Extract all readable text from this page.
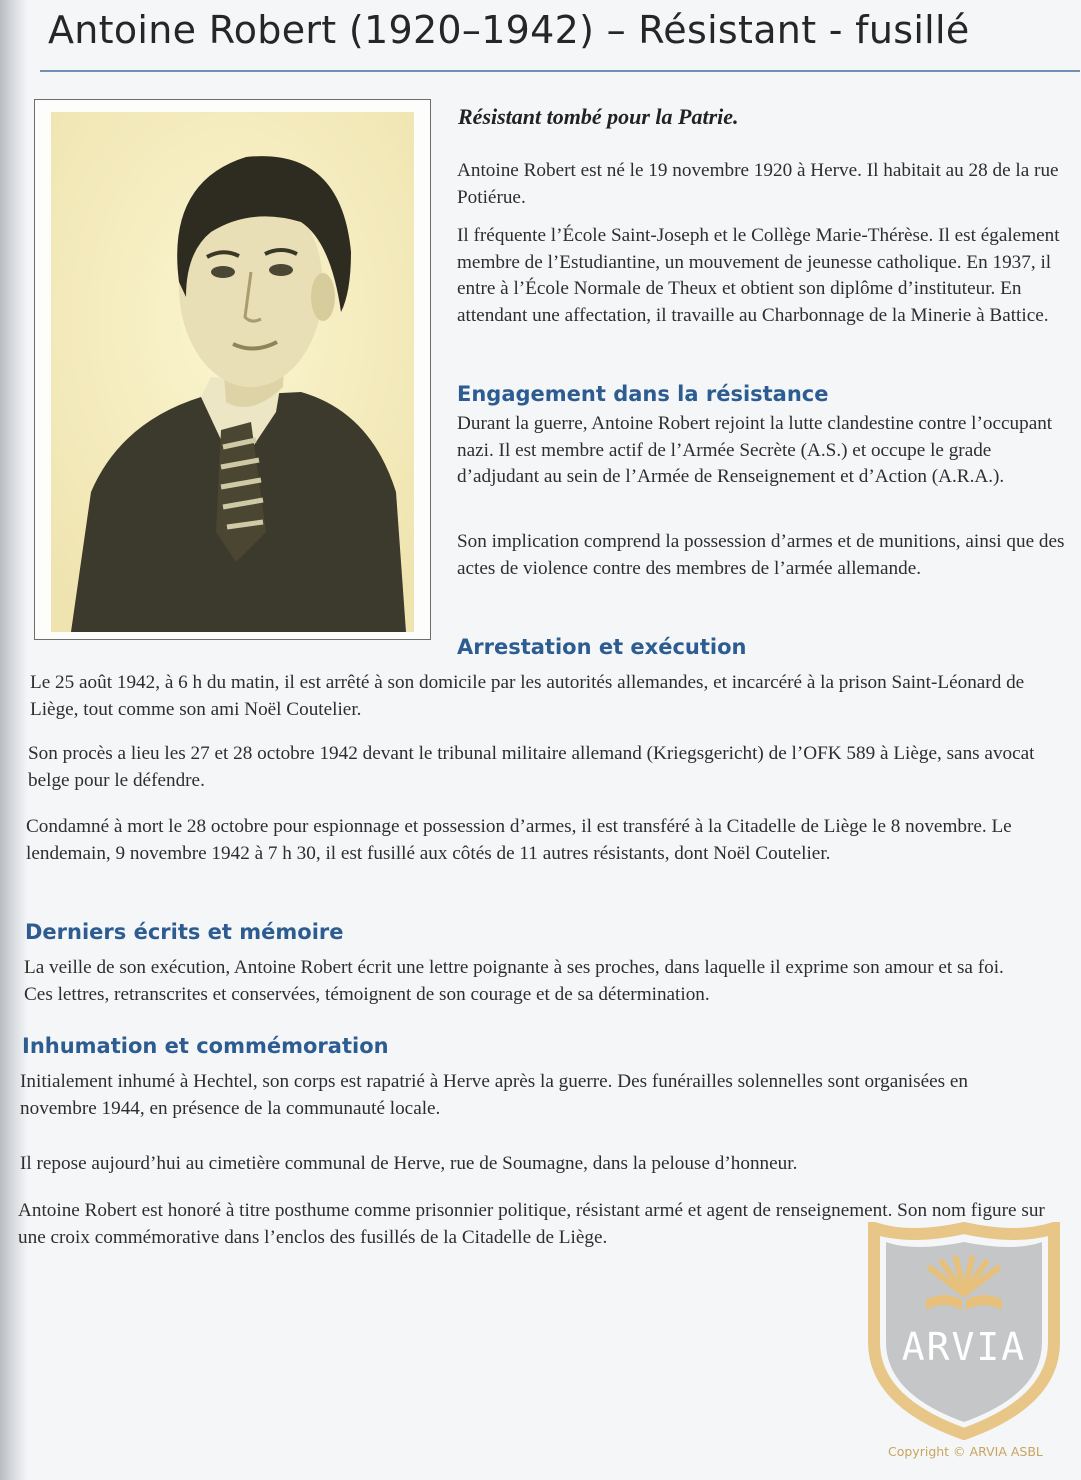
Antoine Robert (1920–1942) – Résistant - fusillé

Résistant tombé pour la Patrie.

Antoine Robert est né le 19 novembre 1920 à Herve. Il habitait au 28 de la rue Potiérue.

Il fréquente l’École Saint-Joseph et le Collège Marie-Thérèse. Il est également membre de l’Estudiantine, un mouvement de jeunesse catholique. En 1937, il entre à l’École Normale de Theux et obtient son diplôme d’instituteur. En attendant une affectation, il travaille au Charbonnage de la Minerie à Battice.

Engagement dans la résistance

Durant la guerre, Antoine Robert rejoint la lutte clandestine contre l’occupant nazi. Il est membre actif de l’Armée Secrète (A.S.) et occupe le grade d’adjudant au sein de l’Armée de Renseignement et d’Action (A.R.A.).

Son implication comprend la possession d’armes et de munitions, ainsi que des actes de violence contre des membres de l’armée allemande.

Arrestation et exécution

Le 25 août 1942, à 6 h du matin, il est arrêté à son domicile par les autorités allemandes, et incarcéré à la prison Saint-Léonard de Liège, tout comme son ami Noël Coutelier.

Son procès a lieu les 27 et 28 octobre 1942 devant le tribunal militaire allemand (Kriegsgericht) de l’OFK 589 à Liège, sans avocat belge pour le défendre.

Condamné à mort le 28 octobre pour espionnage et possession d’armes, il est transféré à la Citadelle de Liège le 8 novembre. Le lendemain, 9 novembre 1942 à 7 h 30, il est fusillé aux côtés de 11 autres résistants, dont Noël Coutelier.

Derniers écrits et mémoire

La veille de son exécution, Antoine Robert écrit une lettre poignante à ses proches, dans laquelle il exprime son amour et sa foi. Ces lettres, retranscrites et conservées, témoignent de son courage et de sa détermination.

Inhumation et commémoration

Initialement inhumé à Hechtel, son corps est rapatrié à Herve après la guerre. Des funérailles solennelles sont organisées en novembre 1944, en présence de la communauté locale.

Il repose aujourd’hui au cimetière communal de Herve, rue de Soumagne, dans la pelouse d’honneur.

Antoine Robert est honoré à titre posthume comme prisonnier politique, résistant armé et agent de renseignement. Son nom figure sur une croix commémorative dans l’enclos des fusillés de la Citadelle de Liège.

ARVIA
Copyright © ARVIA ASBL
